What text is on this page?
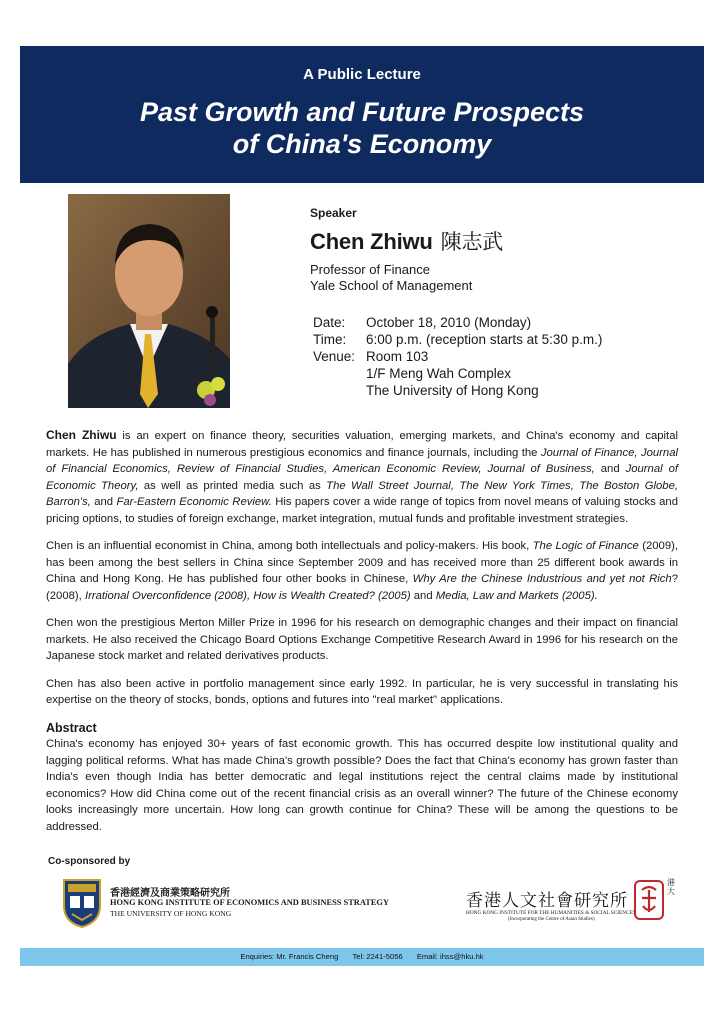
A Public Lecture
Past Growth and Future Prospects
of China's Economy
Speaker
Chen Zhiwu 陳志武
Professor of Finance
Yale School of Management
Date:	October 18, 2010 (Monday)
Time:	6:00 p.m. (reception starts at 5:30 p.m.)
Venue: Room 103
1/F Meng Wah Complex
The University of Hong Kong

Chen Zhiwu is an expert on finance theory, securities valuation, emerging markets, and China's economy and capital markets. He has published in numerous prestigious economics and finance journals, including the Journal of Finance, Journal of Financial Economics, Review of Financial Studies, American Economic Review, Journal of Business, and Journal of Economic Theory, as well as printed media such as The Wall Street Journal, The New York Times, The Boston Globe, Barron's, and Far-Eastern Economic Review. His papers cover a wide range of topics from novel means of valuing stocks and pricing options, to studies of foreign exchange, market integration, mutual funds and profitable investment strategies.

Chen is an influential economist in China, among both intellectuals and policy-makers. His book, The Logic of Finance (2009), has been among the best sellers in China since September 2009 and has received more than 25 different book awards in China and Hong Kong. He has published four other books in Chinese, Why Are the Chinese Industrious and yet not Rich? (2008), Irrational Overconfidence (2008), How is Wealth Created? (2005) and Media, Law and Markets (2005).

Chen won the prestigious Merton Miller Prize in 1996 for his research on demographic changes and their impact on financial markets. He also received the Chicago Board Options Exchange Competitive Research Award in 1996 for his research on the Japanese stock market and related derivatives products.

Chen has also been active in portfolio management since early 1992. In particular, he is very successful in translating his expertise on the theory of stocks, bonds, options and futures into "real market" applications.

Abstract

China's economy has enjoyed 30+ years of fast economic growth. This has occurred despite low institutional quality and lagging political reforms. What has made China's growth possible? Does the fact that China's economy has grown faster than India's even though India has better democratic and legal institutions reject the central claims made by institutional economics? How did China come out of the recent financial crisis as an overall winner? The future of the Chinese economy looks increasingly more uncertain. How long can growth continue for China? These will be among the questions to be addressed.

Co-sponsored by
香港經濟及商業策略研究所
HONG KONG INSTITUTE OF ECONOMICS AND BUSINESS STRATEGY
THE UNIVERSITY OF HONG KONG
香港人文社會研究所
HONG KONG INSTITUTE FOR THE HUMANITIES & SOCIAL SCIENCES
(Incorporating the Centre of Asian Studies)
港大
Enquiries: Mr. Francis Cheng Tel: 2241-5056 Email: ihss@hku.hk
